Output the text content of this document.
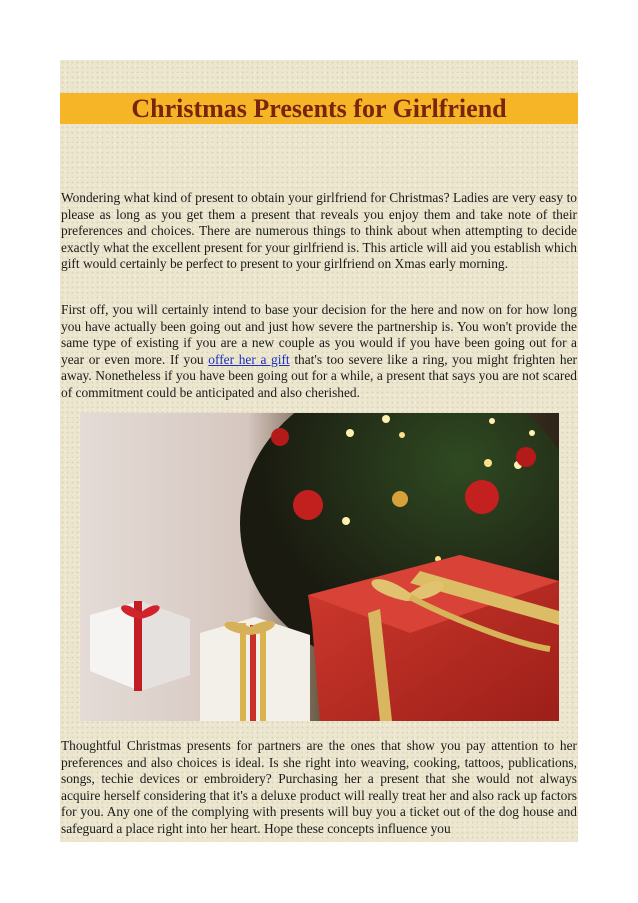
Christmas Presents for Girlfriend

Wondering what kind of present to obtain your girlfriend for Christmas? Ladies are very easy to please as long as you get them a present that reveals you enjoy them and take note of their preferences and choices. There are numerous things to think about when attempting to decide exactly what the excellent present for your girlfriend is. This article will aid you establish which gift would certainly be perfect to present to your girlfriend on Xmas early morning.

First off, you will certainly intend to base your decision for the here and now on for how long you have actually been going out and just how severe the partnership is. You won't provide the same type of existing if you are a new couple as you would if you have been going out for a year or even more. If you offer her a gift that's too severe like a ring, you might frighten her away. Nonetheless if you have been going out for a while, a present that says you are not scared of commitment could be anticipated and also cherished.

Thoughtful Christmas presents for partners are the ones that show you pay attention to her preferences and also choices is ideal. Is she right into weaving, cooking, tattoos, publications, songs, techie devices or embroidery? Purchasing her a present that she would not always acquire herself considering that it's a deluxe product will really treat her and also rack up factors for you. Any one of the complying with presents will buy you a ticket out of the dog house and safeguard a place right into her heart. Hope these concepts influence you
